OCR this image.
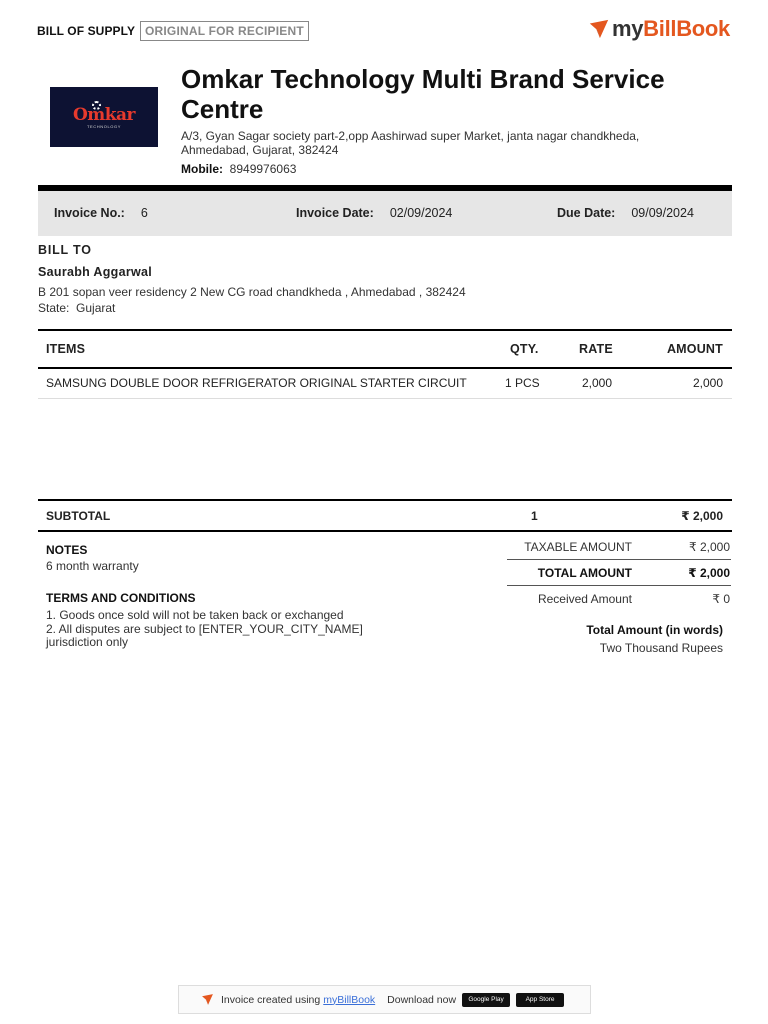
BILL OF SUPPLY ORIGINAL FOR RECIPIENT	myBillBook
Omkar
TECHNOLOGY
Omkar Technology Multi Brand Service Centre
A/3, Gyan Sagar society part-2,opp Aashirwad super Market, janta nagar chandkheda, Ahmedabad, Gujarat, 382424
Mobile: 8949976063
Invoice No.: 6	Invoice Date: 02/09/2024	Due Date: 09/09/2024
BILL TO
Saurabh Aggarwal
B 201 sopan veer residency 2 New CG road chandkheda , Ahmedabad , 382424
State: Gujarat
ITEMS	QTY.	RATE	AMOUNT
SAMSUNG DOUBLE DOOR REFRIGERATOR ORIGINAL STARTER CIRCUIT	1 PCS	2,000	2,000
SUBTOTAL	1	₹ 2,000
NOTES
6 month warranty
TERMS AND CONDITIONS
1. Goods once sold will not be taken back or exchanged
2. All disputes are subject to [ENTER_YOUR_CITY_NAME] jurisdiction only
TAXABLE AMOUNT	₹ 2,000
TOTAL AMOUNT	₹ 2,000
Received Amount	₹ 0
Total Amount (in words)
Two Thousand Rupees
Invoice created using myBillBook Download now	Google Play	App Store
